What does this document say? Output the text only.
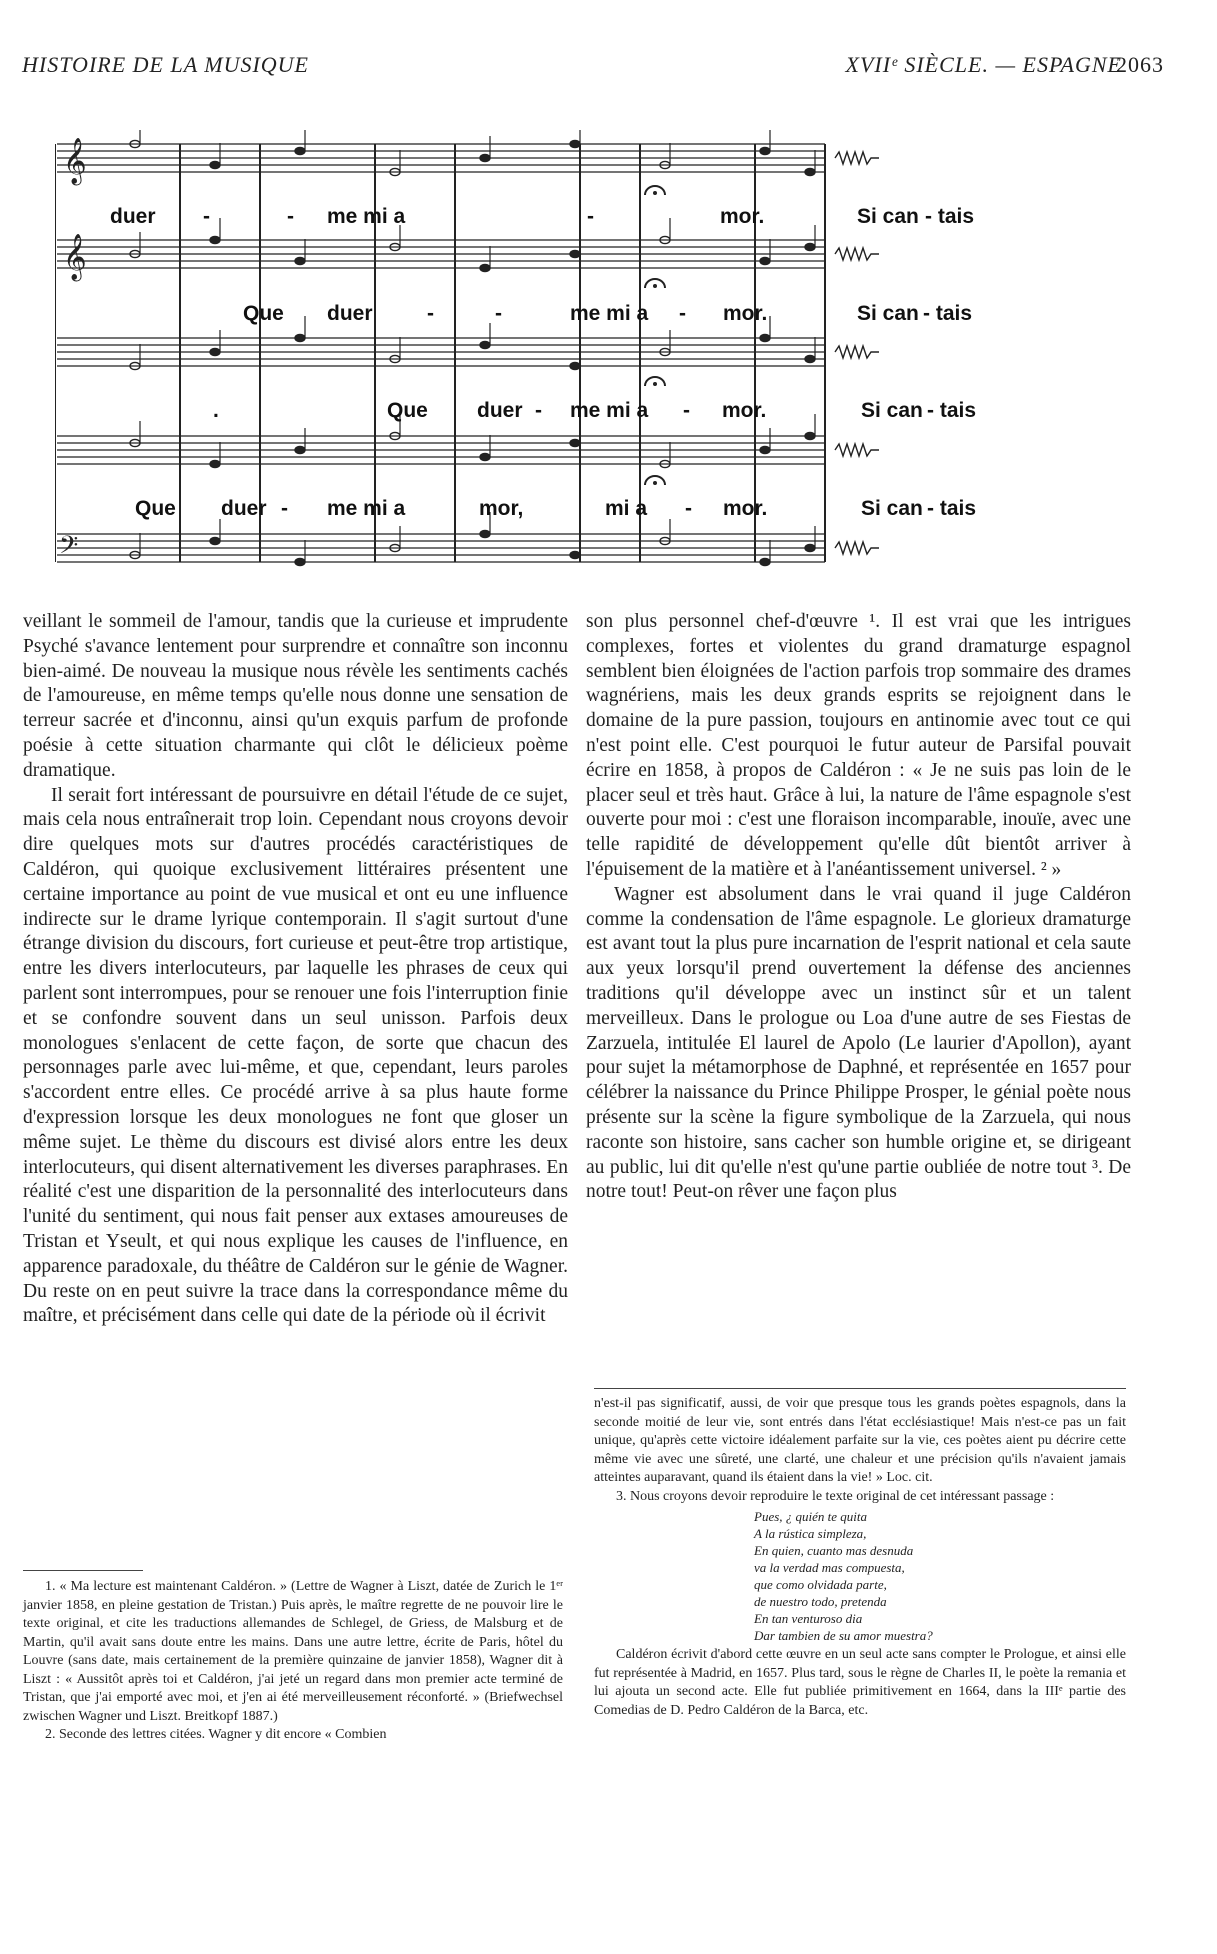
HISTOIRE DE LA MUSIQUE	XVIIᵉ SIÈCLE. — ESPAGNE
2063
𝄞
𝄞
𝄢
duer -	- me mi a	-	mor.	Si can - tais
Que duer	-	-	me mi a - mor.	Si can - tais
.	Que duer - me mi a - mor.	Si can - tais
Que duer - me mi a	mor,	mi a - mor.	Si can - tais

veillant le sommeil de l'amour, tandis que la curieuse et imprudente Psyché s'avance lentement pour surprendre et connaître son inconnu bien-aimé. De nouveau la musique nous révèle les sentiments cachés de l'amoureuse, en même temps qu'elle nous donne une sensation de terreur sacrée et d'inconnu, ainsi qu'un exquis parfum de profonde poésie à cette situation charmante qui clôt le délicieux poème dramatique.

Il serait fort intéressant de poursuivre en détail l'étude de ce sujet, mais cela nous entraînerait trop loin. Cependant nous croyons devoir dire quelques mots sur d'autres procédés caractéristiques de Caldéron, qui quoique exclusivement littéraires présentent une certaine importance au point de vue musical et ont eu une influence indirecte sur le drame lyrique contemporain. Il s'agit surtout d'une étrange division du discours, fort curieuse et peut-être trop artistique, entre les divers interlocuteurs, par laquelle les phrases de ceux qui parlent sont interrompues, pour se renouer une fois l'interruption finie et se confondre souvent dans un seul unisson. Parfois deux monologues s'enlacent de cette façon, de sorte que chacun des personnages parle avec lui-même, et que, cependant, leurs paroles s'accordent entre elles. Ce procédé arrive à sa plus haute forme d'expression lorsque les deux monologues ne font que gloser un même sujet. Le thème du discours est divisé alors entre les deux interlocuteurs, qui disent alternativement les diverses paraphrases. En réalité c'est une disparition de la personnalité des interlocuteurs dans l'unité du sentiment, qui nous fait penser aux extases amoureuses de Tristan et Yseult, et qui nous explique les causes de l'influence, en apparence paradoxale, du théâtre de Caldéron sur le génie de Wagner. Du reste on en peut suivre la trace dans la correspondance même du maître, et précisément dans celle qui date de la période où il écrivit

son plus personnel chef-d'œuvre ¹. Il est vrai que les intrigues complexes, fortes et violentes du grand dramaturge espagnol semblent bien éloignées de l'action parfois trop sommaire des drames wagnériens, mais les deux grands esprits se rejoignent dans le domaine de la pure passion, toujours en antinomie avec tout ce qui n'est point elle. C'est pourquoi le futur auteur de Parsifal pouvait écrire en 1858, à propos de Caldéron : « Je ne suis pas loin de le placer seul et très haut. Grâce à lui, la nature de l'âme espagnole s'est ouverte pour moi : c'est une floraison incomparable, inouïe, avec une telle rapidité de développement qu'elle dût bientôt arriver à l'épuisement de la matière et à l'anéantissement universel. ² »

Wagner est absolument dans le vrai quand il juge Caldéron comme la condensation de l'âme espagnole. Le glorieux dramaturge est avant tout la plus pure incarnation de l'esprit national et cela saute aux yeux lorsqu'il prend ouvertement la défense des anciennes traditions qu'il développe avec un instinct sûr et un talent merveilleux. Dans le prologue ou Loa d'une autre de ses Fiestas de Zarzuela, intitulée El laurel de Apolo (Le laurier d'Apollon), ayant pour sujet la métamorphose de Daphné, et représentée en 1657 pour célébrer la naissance du Prince Philippe Prosper, le génial poète nous présente sur la scène la figure symbolique de la Zarzuela, qui nous raconte son histoire, sans cacher son humble origine et, se dirigeant au public, lui dit qu'elle n'est qu'une partie oubliée de notre tout ³. De notre tout! Peut-on rêver une façon plus

1. « Ma lecture est maintenant Caldéron. » (Lettre de Wagner à Liszt, datée de Zurich le 1ᵉʳ janvier 1858, en pleine gestation de Tristan.) Puis après, le maître regrette de ne pouvoir lire le texte original, et cite les traductions allemandes de Schlegel, de Griess, de Malsburg et de Martin, qu'il avait sans doute entre les mains. Dans une autre lettre, écrite de Paris, hôtel du Louvre (sans date, mais certainement de la première quinzaine de janvier 1858), Wagner dit à Liszt : « Aussitôt après toi et Caldéron, j'ai jeté un regard dans mon premier acte terminé de Tristan, que j'ai emporté avec moi, et j'en ai été merveilleusement réconforté. » (Briefwechsel zwischen Wagner und Liszt. Breitkopf 1887.)

2. Seconde des lettres citées. Wagner y dit encore « Combien

n'est-il pas significatif, aussi, de voir que presque tous les grands poètes espagnols, dans la seconde moitié de leur vie, sont entrés dans l'état ecclésiastique! Mais n'est-ce pas un fait unique, qu'après cette victoire idéalement parfaite sur la vie, ces poètes aient pu décrire cette même vie avec une sûreté, une clarté, une chaleur et une précision qu'ils n'avaient jamais atteintes auparavant, quand ils étaient dans la vie! » Loc. cit.

3. Nous croyons devoir reproduire le texte original de cet intéressant passage :

Pues, ¿ quién te quita
A la rústica simpleza,
En quien, cuanto mas desnuda
va la verdad mas compuesta,
que como olvidada parte,
de nuestro todo, pretenda
En tan venturoso dia
Dar tambien de su amor muestra?

Caldéron écrivit d'abord cette œuvre en un seul acte sans compter le Prologue, et ainsi elle fut représentée à Madrid, en 1657. Plus tard, sous le règne de Charles II, le poète la remania et lui ajouta un second acte. Elle fut publiée primitivement en 1664, dans la IIIᵉ partie des Comedias de D. Pedro Caldéron de la Barca, etc.
